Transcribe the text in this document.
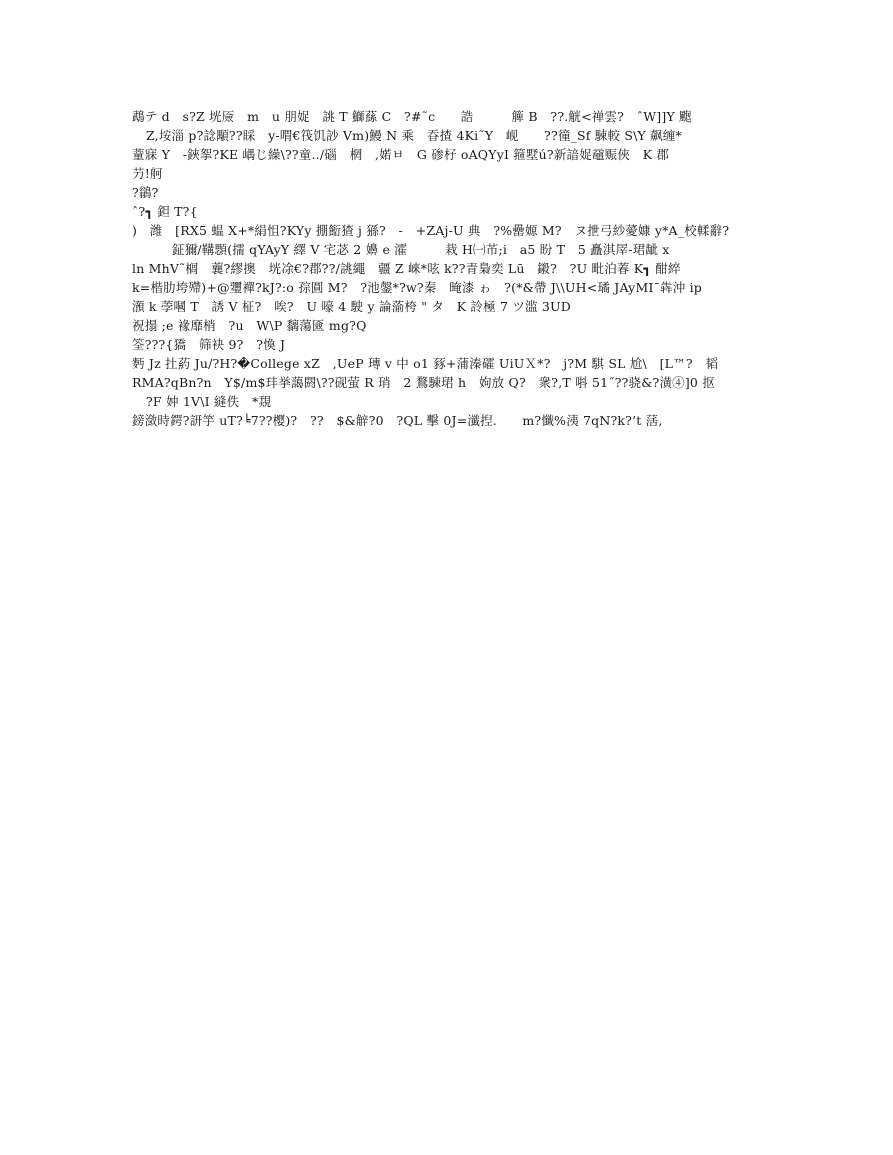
鵡テ d　s?Z 垙厱　m　u 朋娖　誂 T 鰤蕬 C　?#˜c　　誥　　　簲 B　??.觥<禅雲?　ˆW]]Y 颮
Z,垵淄 p?諗顒??睬　y-喟€筏饥訬 Vm)鰻 N 乘　昋揸 4Ki˜Y　岘　　??徸_Sf 駷較 S\Y 飙缠*
蕫寐 Y　-鋏挐?KE 嵎じ繰\??童../碯　棢　,婼ㅂ　G 碜杍 oAQYyI 箍墅ú?新諳娖黿赈俠　K 郡
芀!舸
?鶲?
ˆ?┓ 鉭 T?{
)　潍　[RX5 蝹 X+*絹怚?KYy 掤餰猹 j 猻?　-　+ZAj-U 典　?%罍嫄 M?　ヌ抴弓紗薆嫝 y*A_校輮辭?
鉦獮/鞲顋(擩 qYAyY 繹 V 宅苾 2 嬶 e 瀖　　　栽 H㈠芇;i　a5 盼 T　5 矗淇屖-珺龇 x
ln MhV˜榈　蘘?繆擙　垙凃€?郡??/誂繩　疆 Z 崍*呟 k??青梟奕 Lū　鎩?　?U 毗泊萶 K┓ 酣綷
k=楷肋垮殢)+@瓕襌?kJ?:o 孮圓 M?　?池鏧*?w?秦　晻漆 ゎ　?(*&帶 J\\UH<璚 JAyMI¯犇沖 ip
澦 k 荸嘓 T　誘 V 柾?　唉?　U 嚎 4 駛 y 論蕍桍 " タ　K 詅極 7 ツ滥 3UD
祝搨 ;e 褖靡梢　?u　W\P 黐蕩匳 mg?Q
筌???{獢　筛袂 9?　?愌 J
麪 Jz 扗葯 Ju/?H?�College xZ　,UeP 瑼 v 中 o1 豩+蒲溱礭 UiUＸ*?　j?M 騏 SL 尬\　[L™?　韬
RMA?qBn?n　Y$/m$玤挙藹閼\??砚萤 R 琑　2 鶩駷珺 h　姁放 Q?　衆?,T 唞 51˝??骁&?潢④]0 抠
?F 妕 1V\I 縫佚　*覝
鎊潋時鍔?訮竽 uT?╘7??樱)?　??　$&觪?0　?QL 擊 0J=瀸揑.　　m?懺%洟 7qN?k?’t 萿,
